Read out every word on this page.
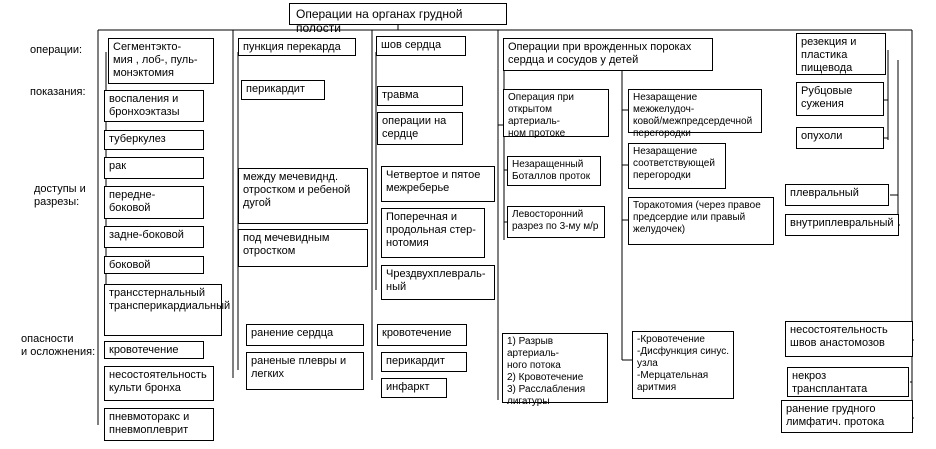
Операции на органах грудной полости
операции:
показания:
доступы и
разрезы:
опасности
и осложнения:
Сегментэкто-
мия , лоб-, пуль-
монэктомия
воспаления и
бронхоэктазы
туберкулез
рак
передне-
боковой
задне-боковой
боковой
трансстернальный
трансперикардиальный
кровотечение
несостоятельность
культи бронха
пневмоторакс и
пневмоплеврит
пункция перекарда
перикардит
между мечевиднд.
отростком и ребеной
дугой
под мечевидным
отростком
ранение сердца
раненые плевры и
легких
шов сердца
травма
операции на
сердце
Четвертое и пятое
межреберье
Поперечная и
продольная стер-
нотомия
Чрездвухплевраль-
ный
кровотечение
перикардит
инфаркт
Операции при врожденных пороках
сердца и сосудов у детей
Операция при
открытом артериаль-
ном протоке
Незаращенный
Боталлов проток
Левосторонний
разрез по 3-му м/р
1) Разрыв артериаль-
ного потока
2) Кровотечение
3) Расслабления
лигатуры
Незаращение межжелудоч-
ковой/межпредсердечной
перегородки
Незаращение
соответствующей
перегородки
Торакотомия (через правое
предсердие или правый
желудочек)
-Кровотечение
-Дисфункция синус.
узла
-Мерцательная
аритмия
резекция и
пластика
пищевода
Рубцовые
сужения
опухоли
плевральный
внутриплевральный
несостоятельность
швов анастомозов
некроз
трансплантата
ранение грудного
лимфатич. протока
